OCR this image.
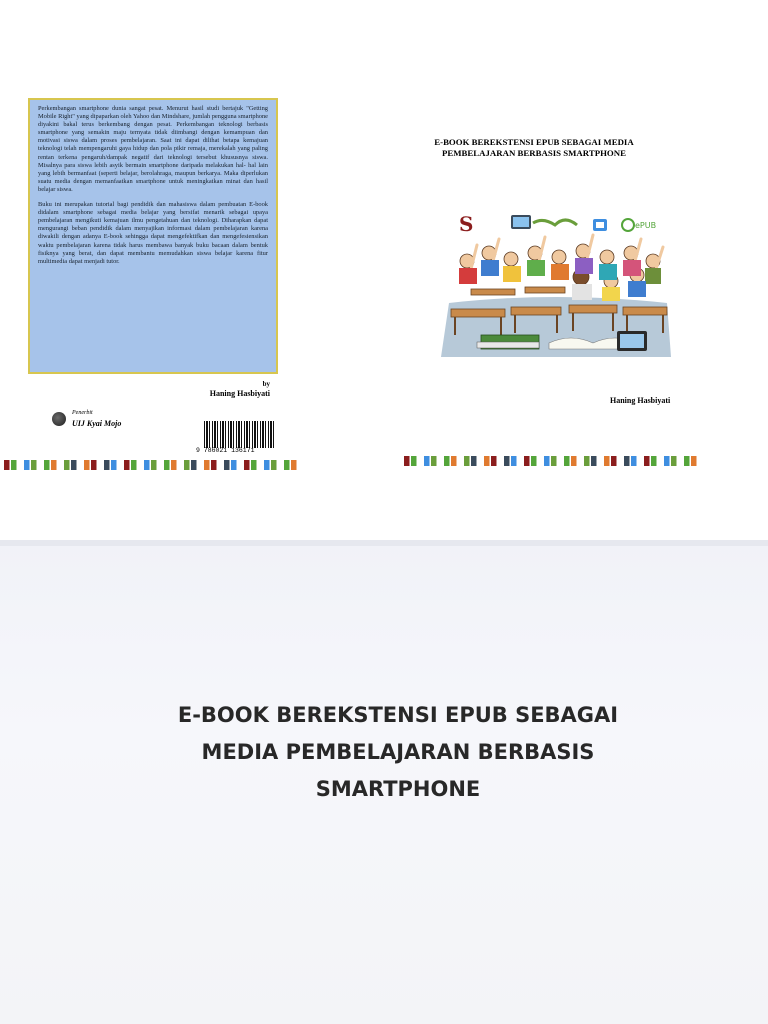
Perkembangan smartphone dunia sangat pesat. Menurut hasil studi bertajuk "Getting Mobile Right" yang dipaparkan oleh Yahoo dan Mindshare, jumlah pengguna smartphone diyakini bakal terus berkembang dengan pesat. Perkembangan teknologi berbasis smartphone yang semakin maju ternyata tidak diimbangi dengan kemampuan dan motivasi siswa dalam proses pembelajaran. Saat ini dapat dilihat betapa kemajuan teknologi telah mempengaruhi gaya hidup dan pola pikir remaja, merekalah yang paling rentan terkena pengaruh/dampak negatif dari teknologi tersebut khususnya siswa. Misalnya para siswa lebih asyik bermain smartphone daripada melakukan hal- hal lain yang lebih bermanfaat (seperti belajar, berolahraga, maupun berkarya. Maka diperlukan suatu media dengan memanfaatkan smartphone untuk meningkatkan minat dan hasil belajar siswa.

Buku ini merupakan tutorial bagi pendidik dan mahasiswa dalam pembuatan E-book didalam smartphone sebagai media belajar yang bersifat menarik sebagai upaya pembelajaran mengikuti kemajuan ilmu pengetahuan dan teknologi. Diharapkan dapat mengurangi beban pendidik dalam menyajikan informasi dalam pembelajaran karena diwakili dengan adanya E-book sehingga dapat mengefektifkan dan mengefesiensikan waktu pembelajaran karena tidak harus membawa banyak buku bacaan dalam bentuk fisiknya yang berat, dan dapat membantu memudahkan siswa belajar karena fitur multimedia dapat menjadi tutor.

by
Haning Hasbiyati
Penerbit
UIJ Kyai Mojo
9 786021 136171
E-BOOK BEREKSTENSI EPUB SEBAGAI MEDIA
PEMBELAJARAN BERBASIS SMARTPHONE
S	ePUB
Haning Hasbiyati
E-BOOK BEREKSTENSI EPUB SEBAGAI
MEDIA PEMBELAJARAN BERBASIS
SMARTPHONE
